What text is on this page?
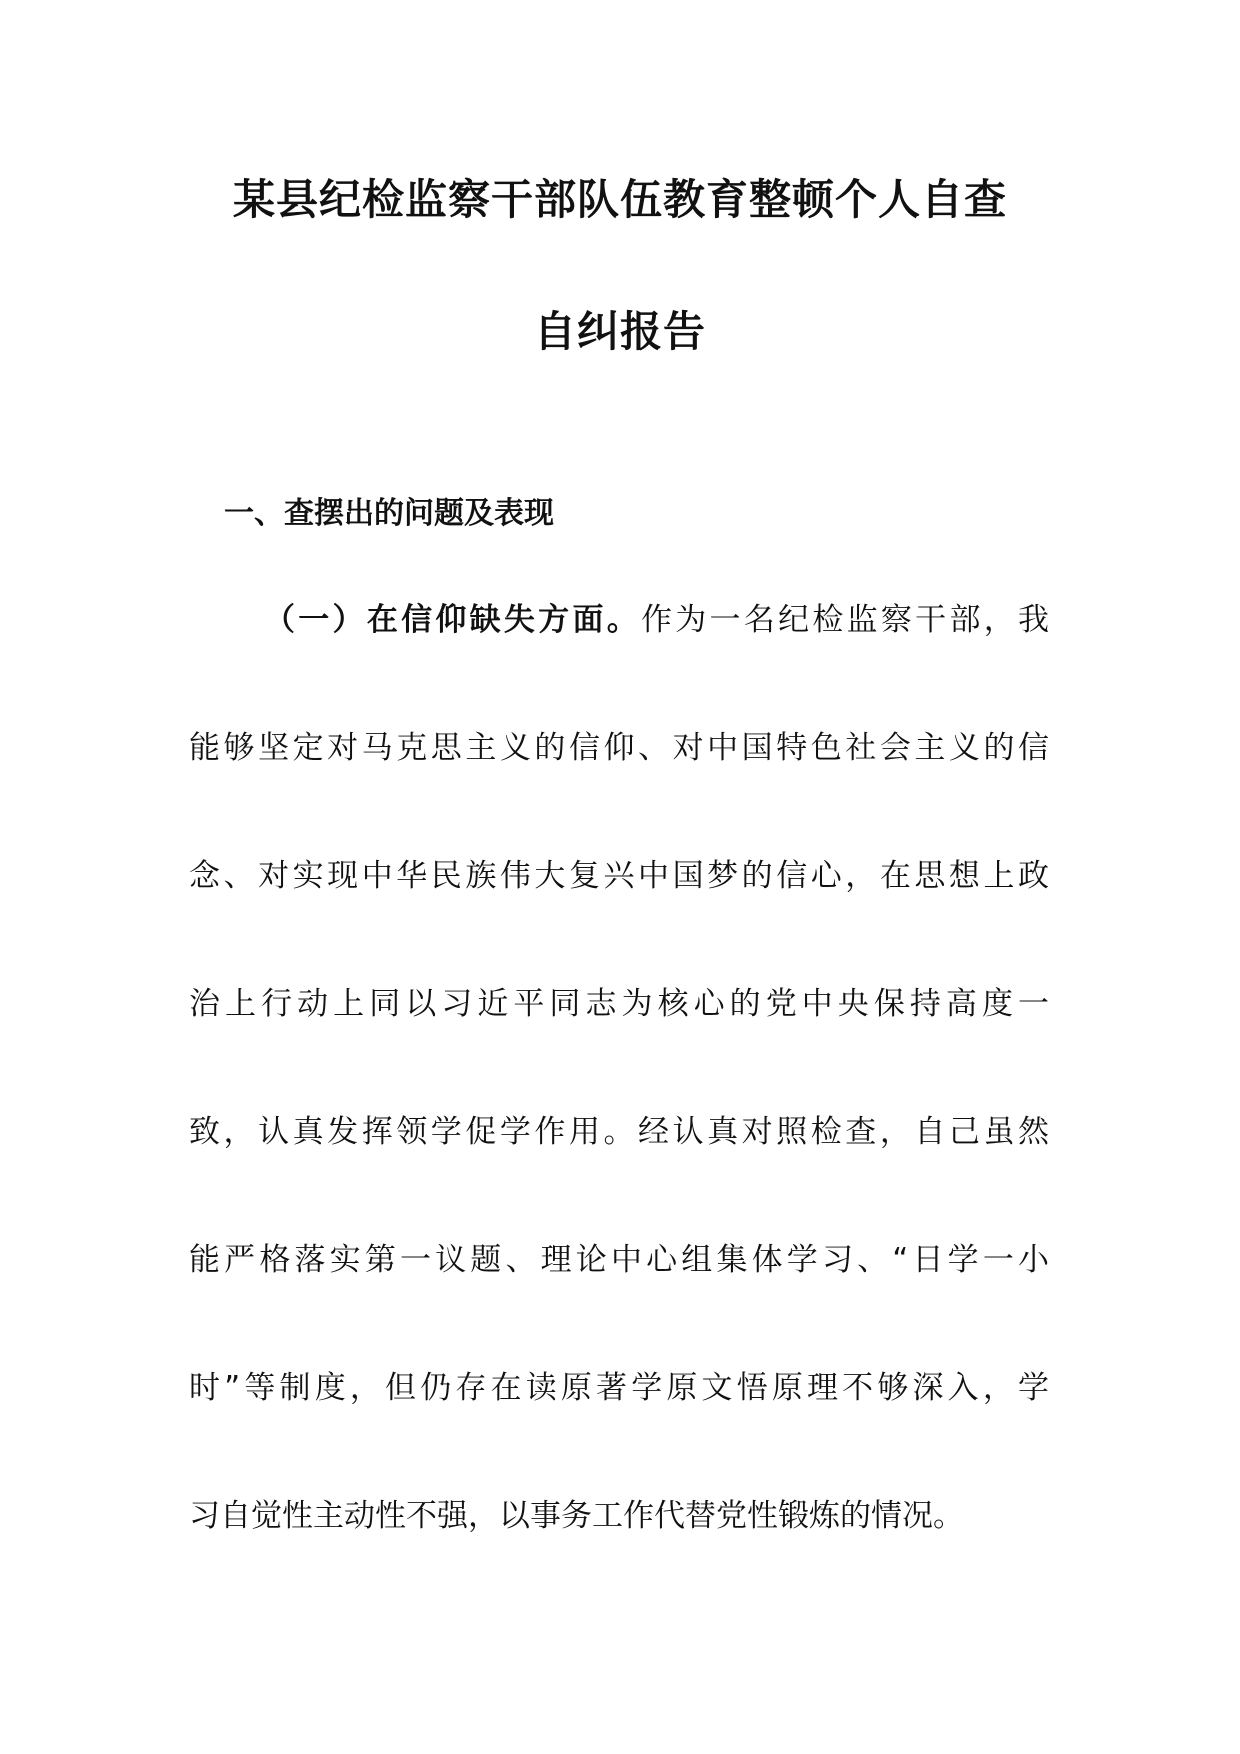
某县纪检监察干部队伍教育整顿个人自查
自纠报告
一、查摆出的问题及表现
（一）在信仰缺失方面。作为一名纪检监察干部，我
能够坚定对马克思主义的信仰、对中国特色社会主义的信
念、对实现中华民族伟大复兴中国梦的信心，在思想上政
治上行动上同以习近平同志为核心的党中央保持高度一
致，认真发挥领学促学作用。经认真对照检查，自己虽然
能严格落实第一议题、理论中心组集体学习、“日学一小
时”等制度，但仍存在读原著学原文悟原理不够深入，学
习自觉性主动性不强，以事务工作代替党性锻炼的情况。
